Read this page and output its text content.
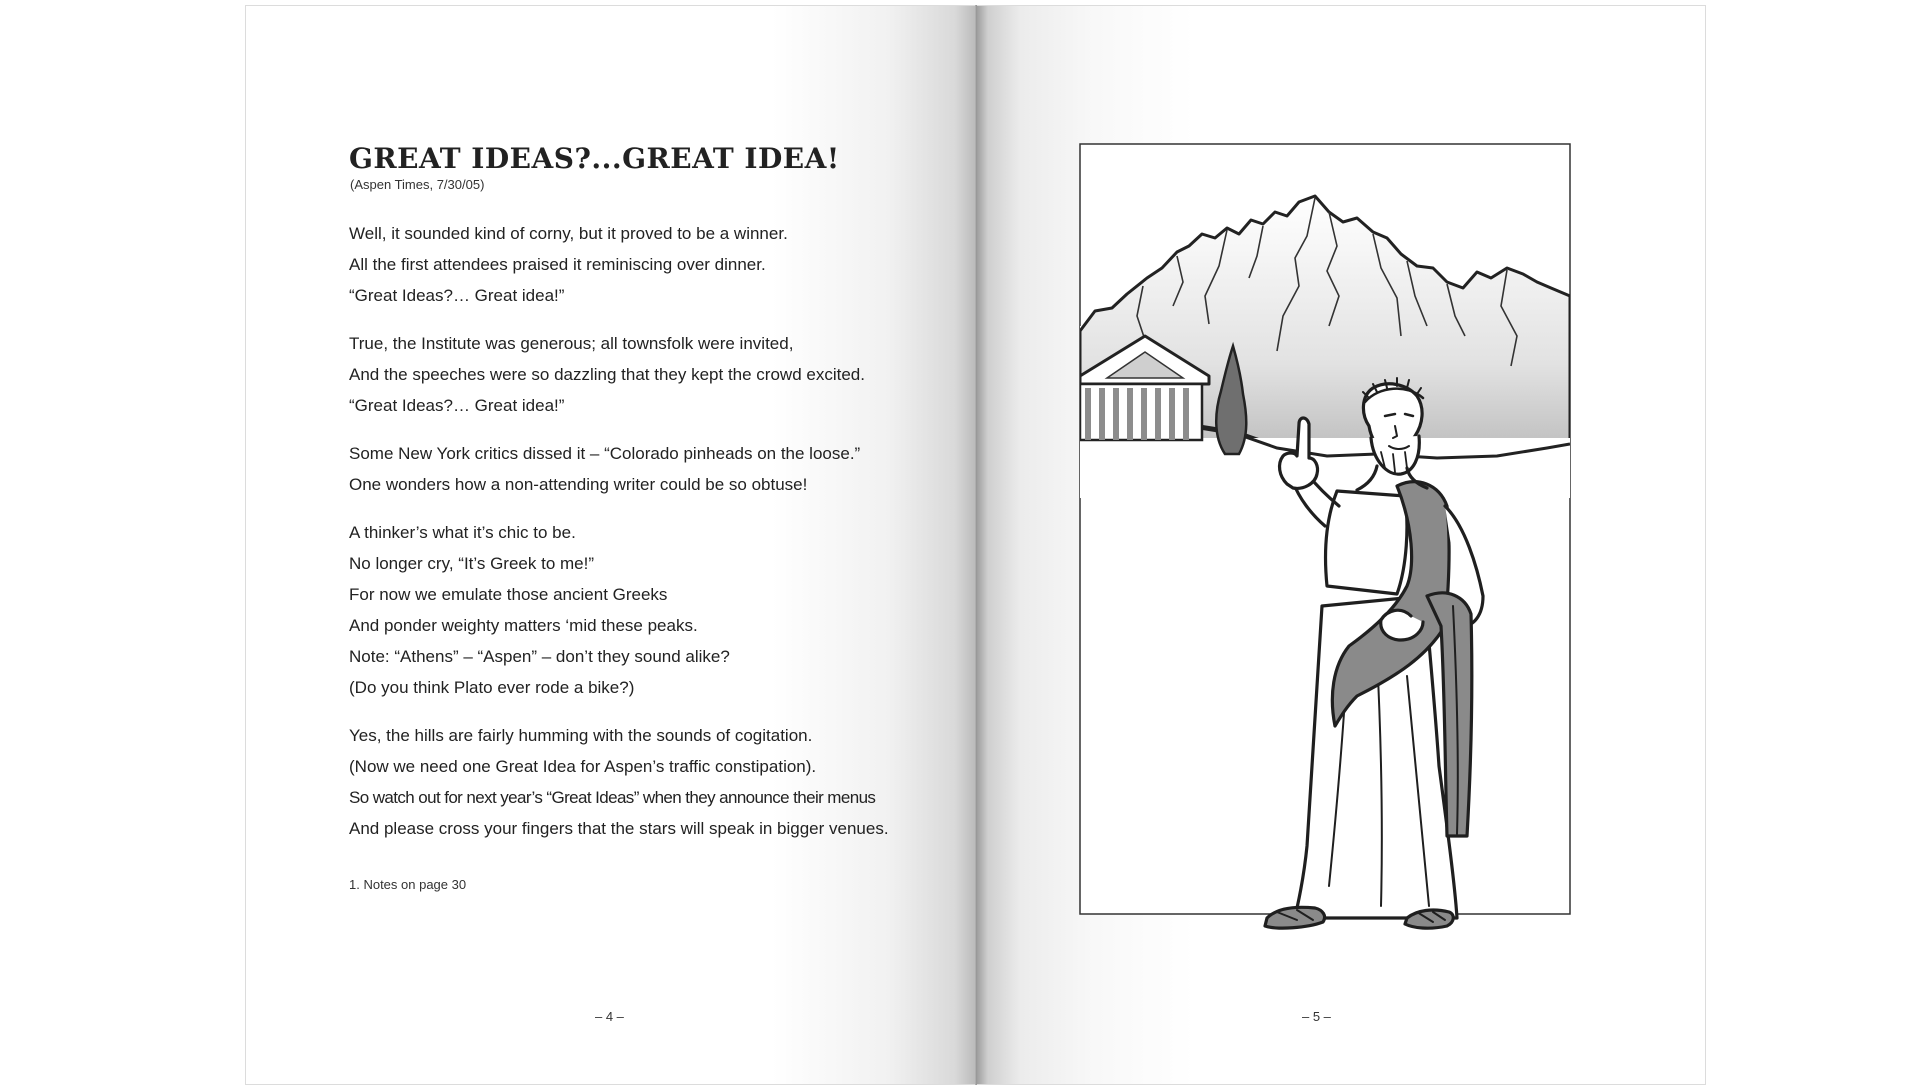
GREAT IDEAS?...GREAT IDEA!
(Aspen Times, 7/30/05)
Well, it sounded kind of corny, but it proved to be a winner.
All the first attendees praised it reminiscing over dinner.
“Great Ideas?… Great idea!”
True, the Institute was generous; all townsfolk were invited,
And the speeches were so dazzling that they kept the crowd excited.
“Great Ideas?… Great idea!”
Some New York critics dissed it – “Colorado pinheads on the loose.”
One wonders how a non-attending writer could be so obtuse!
A thinker’s what it’s chic to be.
No longer cry, “It’s Greek to me!”
For now we emulate those ancient Greeks
And ponder weighty matters ‘mid these peaks.
Note: “Athens” – “Aspen” – don’t they sound alike?
(Do you think Plato ever rode a bike?)
Yes, the hills are fairly humming with the sounds of cogitation.
(Now we need one Great Idea for Aspen’s traffic constipation).
So watch out for next year’s “Great Ideas” when they announce their menus
And please cross your fingers that the stars will speak in bigger venues.
1. Notes on page 30
– 4 –	– 5 –
